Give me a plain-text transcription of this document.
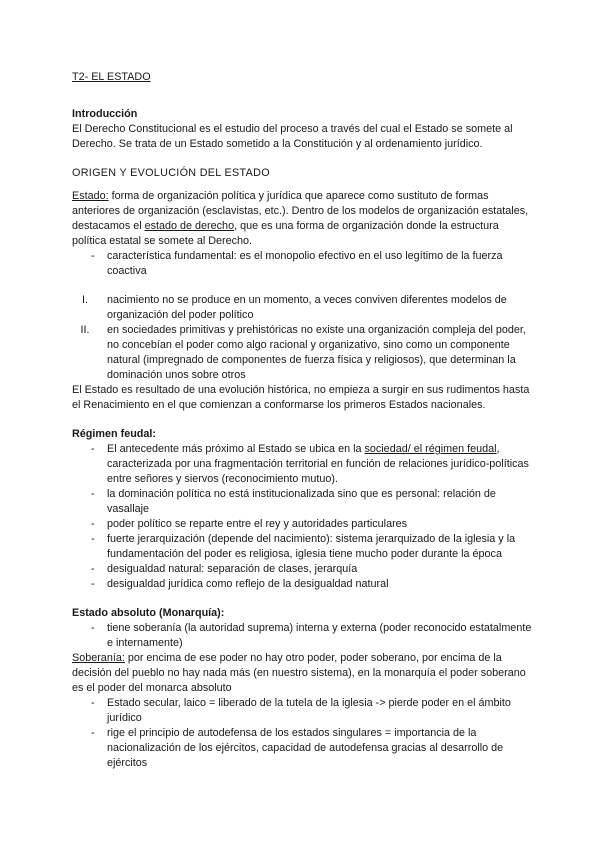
T2- EL ESTADO

Introducción

El Derecho Constitucional es el estudio del proceso a través del cual el Estado se somete al Derecho. Se trata de un Estado sometido a la Constitución y al ordenamiento jurídico.

ORIGEN Y EVOLUCIÓN DEL ESTADO

Estado: forma de organización política y jurídica que aparece como sustituto de formas anteriores de organización (esclavistas, etc.). Dentro de los modelos de organización estatales, destacamos el estado de derecho, que es una forma de organización donde la estructura política estatal se somete al Derecho.

- característica fundamental: es el monopolio efectivo en el uso legítimo de la fuerza coactiva
I.	nacimiento no se produce en un momento, a veces conviven diferentes modelos de organización del poder político
II. en sociedades primitivas y prehistóricas no existe una organización compleja del poder, no concebían el poder como algo racional y organizativo, sino como un componente natural (impregnado de componentes de fuerza física y religiosos), que determinan la dominación unos sobre otros

El Estado es resultado de una evolución histórica, no empieza a surgir en sus rudimentos hasta el Renacimiento en el que comienzan a conformarse los primeros Estados nacionales.

Régimen feudal:

- El antecedente más próximo al Estado se ubica en la sociedad/ el régimen feudal, caracterizada por una fragmentación territorial en función de relaciones jurídico-políticas entre señores y siervos (reconocimiento mutuo).
- la dominación política no está institucionalizada sino que es personal: relación de vasallaje
- poder político se reparte entre el rey y autoridades particulares
- fuerte jerarquización (depende del nacimiento): sistema jerarquizado de la iglesia y la fundamentación del poder es religiosa, iglesia tiene mucho poder durante la época
- desigualdad natural: separación de clases, jerarquía
- desigualdad jurídica como reflejo de la desigualdad natural

Estado absoluto (Monarquía):

- tiene soberanía (la autoridad suprema) interna y externa (poder reconocido estatalmente e internamente)

Soberanía: por encima de ese poder no hay otro poder, poder soberano, por encima de la decisión del pueblo no hay nada más (en nuestro sistema), en la monarquía el poder soberano es el poder del monarca absoluto

- Estado secular, laico = liberado de la tutela de la iglesia -> pierde poder en el ámbito jurídico
- rige el principio de autodefensa de los estados singulares = importancia de la nacionalización de los ejércitos, capacidad de autodefensa gracias al desarrollo de ejércitos
